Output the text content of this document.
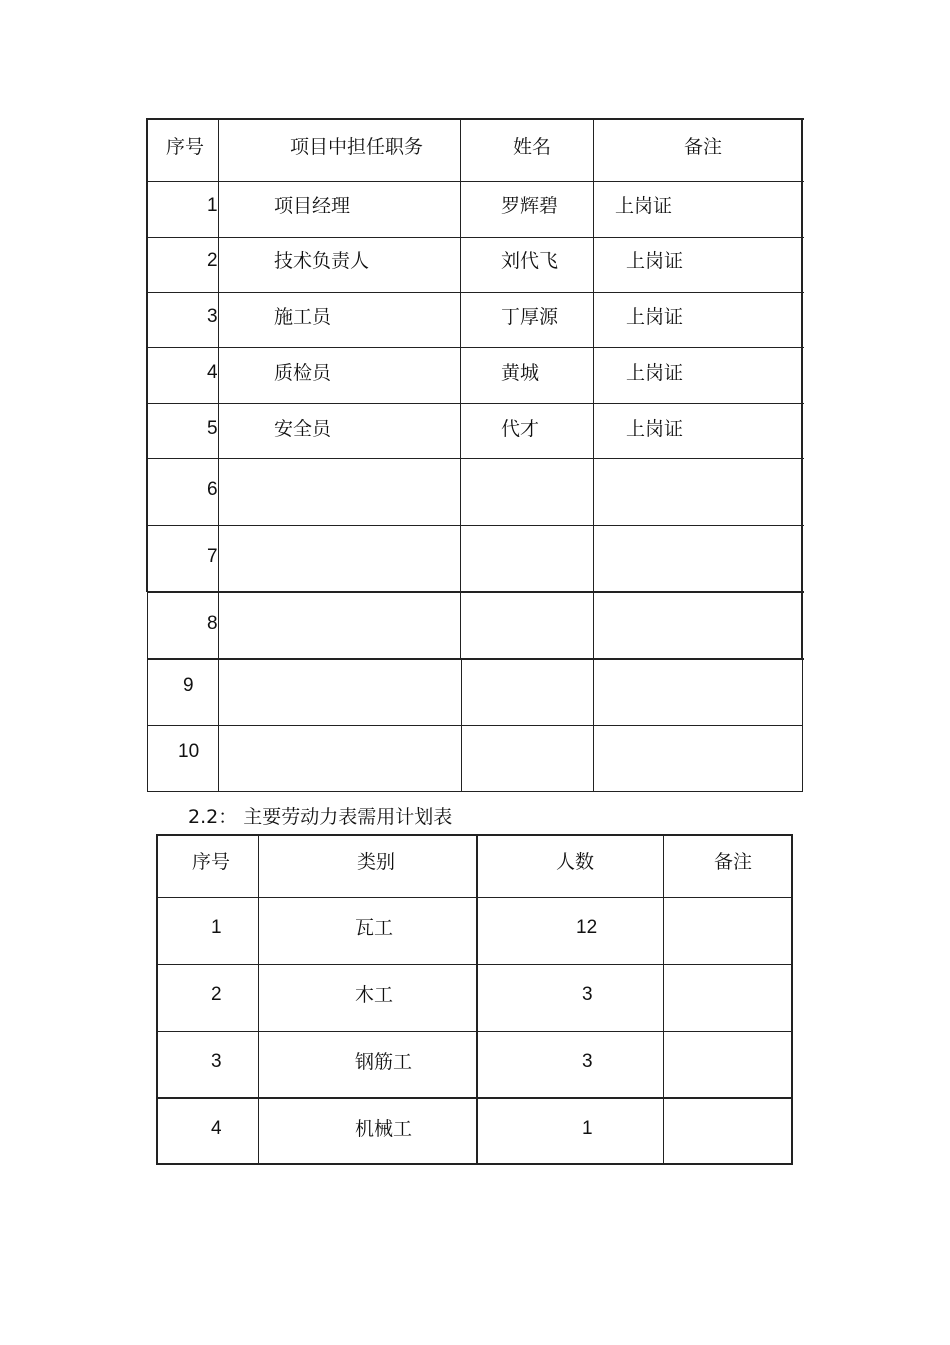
序号	项目中担任职务	姓名	备注
1	项目经理	罗辉碧	上岗证
2	技术负责人	刘代飞	上岗证
3	施工员	丁厚源	上岗证
4	质检员	黄城	上岗证
5	安全员	代才	上岗证
6
7
8
9
10
2.2： 主要劳动力表需用计划表
序号	类别	人数	备注
1	瓦工	12
2	木工	3
3	钢筋工	3
4	机械工	1
